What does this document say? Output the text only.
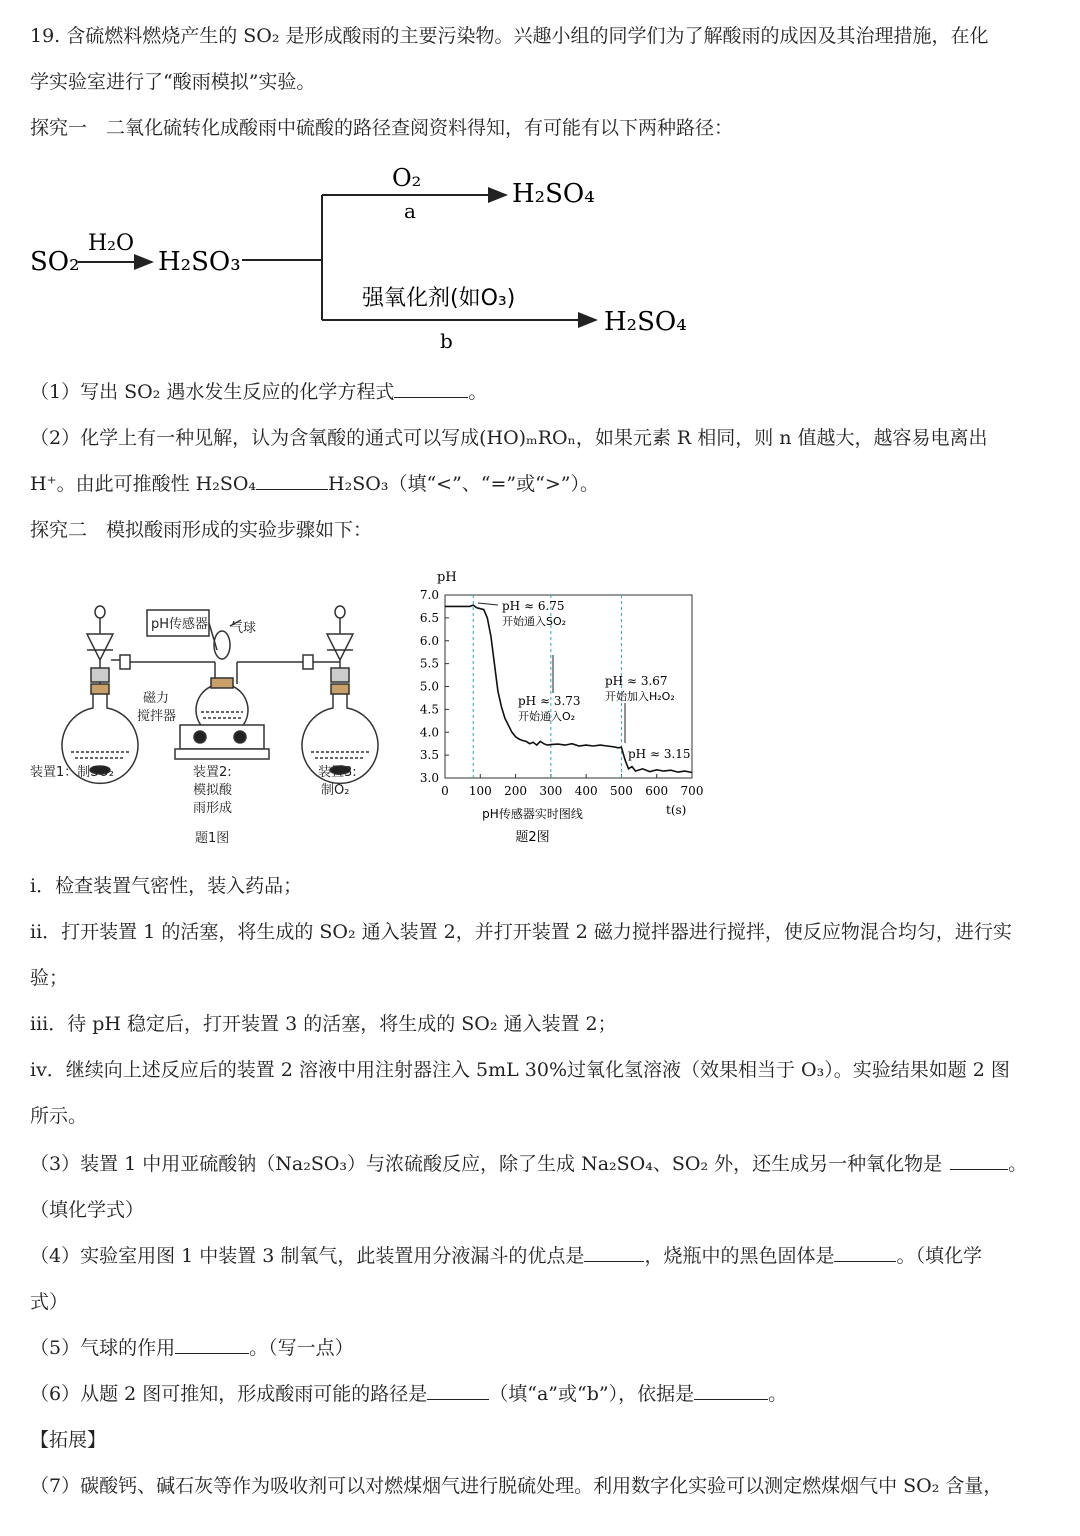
19. 含硫燃料燃烧产生的 SO₂ 是形成酸雨的主要污染物。兴趣小组的同学们为了解酸雨的成因及其治理措施，在化
学实验室进行了“酸雨模拟”实验。
探究一　二氧化硫转化成酸雨中硫酸的路径查阅资料得知，有可能有以下两种路径：
SO₂
H₂O
H₂SO₃
O₂
a
H₂SO₄
强氧化剂(如O₃)
b
H₂SO₄
（1）写出 SO₂ 遇水发生反应的化学方程式	。
（2）化学上有一种见解，认为含氧酸的通式可以写成(HO)ₘROₙ，如果元素 R 相同，则 n 值越大，越容易电离出
H⁺。由此可推酸性 H₂SO₄	H₂SO₃（填“<”、“=”或“>”）。
探究二　模拟酸雨形成的实验步骤如下：
pH传感器 气球
磁力
搅拌器
装置1：制SO₂	装置2:
模拟酸
雨形成
装置3:
制O₂
题1图
3.0
3.5
4.0
4.5
5.0
5.5
6.0
6.5
7.0
0 100 200 300 400 500 600 700
pH
t(s)
pH传感器实时图线
题2图
pH ≈ 6.75
开始通入SO₂
pH ≈ 3.73
开始通入O₂
pH ≈ 3.67
开始加入H₂O₂
pH ≈ 3.15
i．检查装置气密性，装入药品；
ii．打开装置 1 的活塞，将生成的 SO₂ 通入装置 2，并打开装置 2 磁力搅拌器进行搅拌，使反应物混合均匀，进行实
验；
iii．待 pH 稳定后，打开装置 3 的活塞，将生成的 SO₂ 通入装置 2；
iv．继续向上述反应后的装置 2 溶液中用注射器注入 5mL 30%过氧化氢溶液（效果相当于 O₃）。实验结果如题 2 图
所示。
（3）装置 1 中用亚硫酸钠（Na₂SO₃）与浓硫酸反应，除了生成 Na₂SO₄、SO₂ 外，还生成另一种氧化物是	。
（填化学式）
（4）实验室用图 1 中装置 3 制氧气，此装置用分液漏斗的优点是	，烧瓶中的黑色固体是	。（填化学
式）
（5）气球的作用	。（写一点）
（6）从题 2 图可推知，形成酸雨可能的路径是	（填“a”或“b”），依据是	。
【拓展】
（7）碳酸钙、碱石灰等作为吸收剂可以对燃煤烟气进行脱硫处理。利用数字化实验可以测定燃煤烟气中 SO₂ 含量，
